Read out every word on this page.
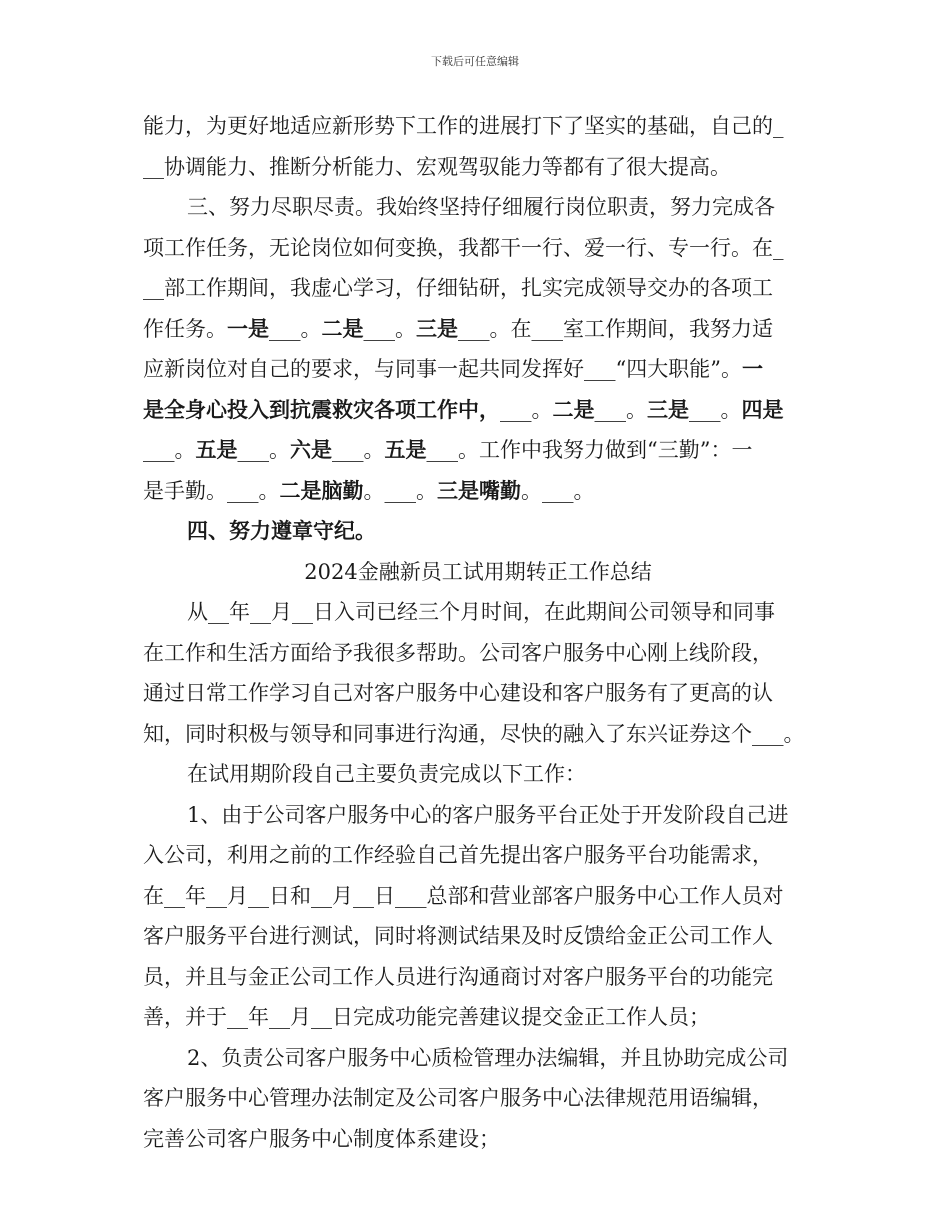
下载后可任意编辑
能力，为更好地适应新形势下工作的进展打下了坚实的基础，自己的_
__协调能力、推断分析能力、宏观驾驭能力等都有了很大提高。
三、努力尽职尽责。我始终坚持仔细履行岗位职责，努力完成各
项工作任务，无论岗位如何变换，我都干一行、爱一行、专一行。在_
__部工作期间，我虚心学习，仔细钻研，扎实完成领导交办的各项工
作任务。一是___。二是___。三是___。在___室工作期间，我努力适
应新岗位对自己的要求，与同事一起共同发挥好___“四大职能”。一
是全身心投入到抗震救灾各项工作中，___。二是___。三是___。四是
___。五是___。六是___。五是___。工作中我努力做到“三勤”：一
是手勤。___。二是脑勤。___。三是嘴勤。___。
四、努力遵章守纪。
2024金融新员工试用期转正工作总结
从__年__月__日入司已经三个月时间，在此期间公司领导和同事
在工作和生活方面给予我很多帮助。公司客户服务中心刚上线阶段，
通过日常工作学习自己对客户服务中心建设和客户服务有了更高的认
知，同时积极与领导和同事进行沟通，尽快的融入了东兴证券这个___。
在试用期阶段自己主要负责完成以下工作：
1、由于公司客户服务中心的客户服务平台正处于开发阶段自己进
入公司，利用之前的工作经验自己首先提出客户服务平台功能需求，
在__年__月__日和__月__日___总部和营业部客户服务中心工作人员对
客户服务平台进行测试，同时将测试结果及时反馈给金正公司工作人
员，并且与金正公司工作人员进行沟通商讨对客户服务平台的功能完
善，并于__年__月__日完成功能完善建议提交金正工作人员；
2、负责公司客户服务中心质检管理办法编辑，并且协助完成公司
客户服务中心管理办法制定及公司客户服务中心法律规范用语编辑，
完善公司客户服务中心制度体系建设；
